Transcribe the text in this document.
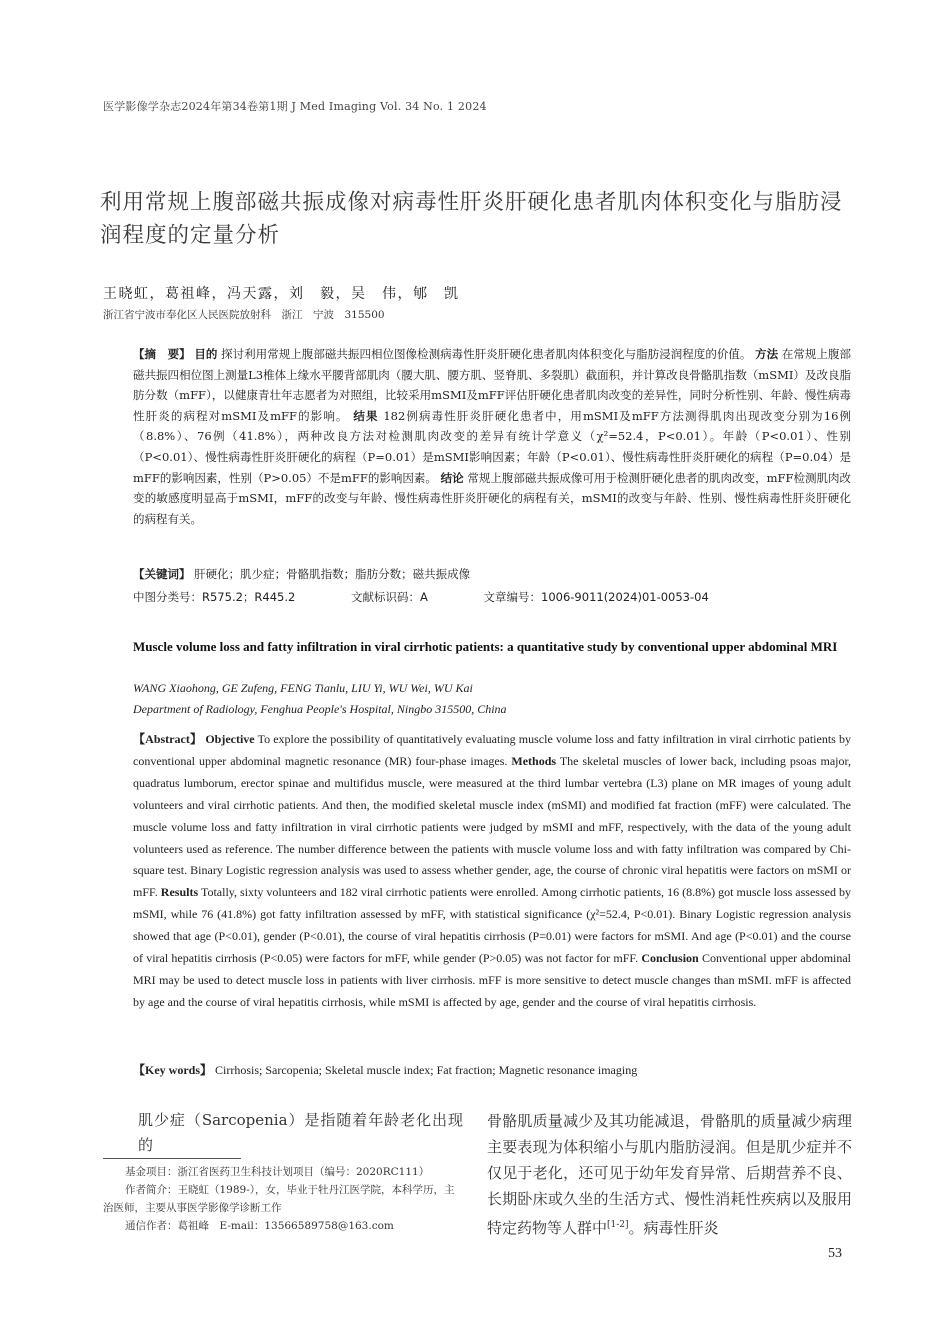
医学影像学杂志2024年第34卷第1期 J Med Imaging Vol. 34 No. 1 2024
利用常规上腹部磁共振成像对病毒性肝炎肝硬化患者肌肉体积变化与脂肪浸润程度的定量分析
王晓虹，葛祖峰，冯天露，刘　毅，吴　伟，郇　凯
浙江省宁波市奉化区人民医院放射科　浙江　宁波　315500
【摘　要】 目的 探讨利用常规上腹部磁共振四相位图像检测病毒性肝炎肝硬化患者肌肉体积变化与脂肪浸润程度的价值。 方法 在常规上腹部磁共振四相位图上测量L3椎体上缘水平腰背部肌肉（腰大肌、腰方肌、竖脊肌、多裂肌）截面积，并计算改良骨骼肌指数（mSMI）及改良脂肪分数（mFF），以健康青壮年志愿者为对照组，比较采用mSMI及mFF评估肝硬化患者肌肉改变的差异性，同时分析性别、年龄、慢性病毒性肝炎的病程对mSMI及mFF的影响。 结果 182例病毒性肝炎肝硬化患者中，用mSMI及mFF方法测得肌肉出现改变分别为16例（8.8%）、76例（41.8%），两种改良方法对检测肌肉改变的差异有统计学意义（χ²=52.4，P<0.01）。年龄（P<0.01）、性别（P<0.01）、慢性病毒性肝炎肝硬化的病程（P=0.01）是mSMI影响因素；年龄（P<0.01）、慢性病毒性肝炎肝硬化的病程（P=0.04）是mFF的影响因素，性别（P>0.05）不是mFF的影响因素。 结论 常规上腹部磁共振成像可用于检测肝硬化患者的肌肉改变，mFF检测肌肉改变的敏感度明显高于mSMI，mFF的改变与年龄、慢性病毒性肝炎肝硬化的病程有关，mSMI的改变与年龄、性别、慢性病毒性肝炎肝硬化的病程有关。
【关键词】 肝硬化；肌少症；骨骼肌指数；脂肪分数；磁共振成像
中图分类号：R575.2；R445.2	文献标识码：A	文章编号：1006-9011(2024)01-0053-04
Muscle volume loss and fatty infiltration in viral cirrhotic patients: a quantitative study by conventional upper abdominal MRI
WANG Xiaohong, GE Zufeng, FENG Tianlu, LIU Yi, WU Wei, WU Kai
Department of Radiology, Fenghua People's Hospital, Ningbo 315500, China
【Abstract】 Objective To explore the possibility of quantitatively evaluating muscle volume loss and fatty infiltration in viral cirrhotic patients by conventional upper abdominal magnetic resonance (MR) four-phase images. Methods The skeletal muscles of lower back, including psoas major, quadratus lumborum, erector spinae and multifidus muscle, were measured at the third lumbar vertebra (L3) plane on MR images of young adult volunteers and viral cirrhotic patients. And then, the modified skeletal muscle index (mSMI) and modified fat fraction (mFF) were calculated. The muscle volume loss and fatty infiltration in viral cirrhotic patients were judged by mSMI and mFF, respectively, with the data of the young adult volunteers used as reference. The number difference between the patients with muscle volume loss and with fatty infiltration was compared by Chi-square test. Binary Logistic regression analysis was used to assess whether gender, age, the course of chronic viral hepatitis were factors on mSMI or mFF. Results Totally, sixty volunteers and 182 viral cirrhotic patients were enrolled. Among cirrhotic patients, 16 (8.8%) got muscle loss assessed by mSMI, while 76 (41.8%) got fatty infiltration assessed by mFF, with statistical significance (χ²=52.4, P<0.01). Binary Logistic regression analysis showed that age (P<0.01), gender (P<0.01), the course of viral hepatitis cirrhosis (P=0.01) were factors for mSMI. And age (P<0.01) and the course of viral hepatitis cirrhosis (P<0.05) were factors for mFF, while gender (P>0.05) was not factor for mFF. Conclusion Conventional upper abdominal MRI may be used to detect muscle loss in patients with liver cirrhosis. mFF is more sensitive to detect muscle changes than mSMI. mFF is affected by age and the course of viral hepatitis cirrhosis, while mSMI is affected by age, gender and the course of viral hepatitis cirrhosis.
【Key words】 Cirrhosis; Sarcopenia; Skeletal muscle index; Fat fraction; Magnetic resonance imaging

肌少症（Sarcopenia）是指随着年龄老化出现的

基金项目：浙江省医药卫生科技计划项目（编号：2020RC111）

作者简介：王晓虹（1989-），女，毕业于牡丹江医学院，本科学历，主治医师，主要从事医学影像学诊断工作

通信作者：葛祖峰　E-mail：13566589758@163.com

骨骼肌质量减少及其功能减退，骨骼肌的质量减少病理主要表现为体积缩小与肌内脂肪浸润。但是肌少症并不仅见于老化，还可见于幼年发育异常、后期营养不良、长期卧床或久坐的生活方式、慢性消耗性疾病以及服用特定药物等人群中[1-2]。病毒性肝炎

53
